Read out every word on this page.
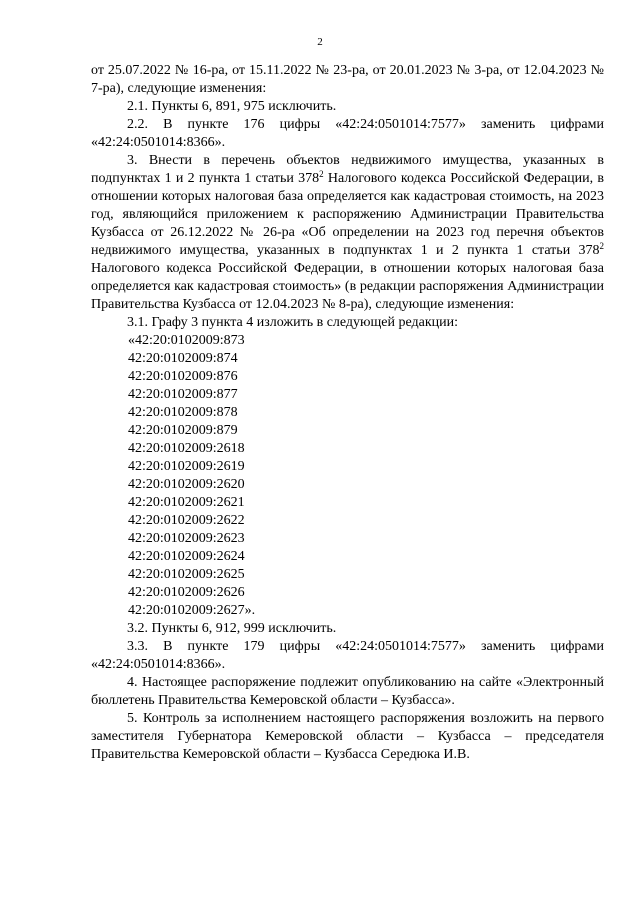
2

от 25.07.2022 № 16-ра, от 15.11.2022 № 23-ра, от 20.01.2023 № 3-ра, от 12.04.2023 № 7-ра), следующие изменения:

2.1. Пункты 6, 891, 975 исключить.

2.2. В пункте 176 цифры «42:24:0501014:7577» заменить цифрами «42:24:0501014:8366».

3. Внести в перечень объектов недвижимого имущества, указанных в подпунктах 1 и 2 пункта 1 статьи $378^2$ Налогового кодекса Российской Федерации, в отношении которых налоговая база определяется как кадастровая стоимость, на 2023 год, являющийся приложением к распоряжению Администрации Правительства Кузбасса от 26.12.2022 № 26-ра «Об определении на 2023 год перечня объектов недвижимого имущества, указанных в подпунктах 1 и 2 пункта 1 статьи $378^2$ Налогового кодекса Российской Федерации, в отношении которых налоговая база определяется как кадастровая стоимость» (в редакции распоряжения Администрации Правительства Кузбасса от 12.04.2023 № 8-ра), следующие изменения:

3.1. Графу 3 пункта 4 изложить в следующей редакции:

«42:20:0102009:873
42:20:0102009:874
42:20:0102009:876
42:20:0102009:877
42:20:0102009:878
42:20:0102009:879
42:20:0102009:2618
42:20:0102009:2619
42:20:0102009:2620
42:20:0102009:2621
42:20:0102009:2622
42:20:0102009:2623
42:20:0102009:2624
42:20:0102009:2625
42:20:0102009:2626
42:20:0102009:2627».

3.2. Пункты 6, 912, 999 исключить.

3.3. В пункте 179 цифры «42:24:0501014:7577» заменить цифрами «42:24:0501014:8366».

4. Настоящее распоряжение подлежит опубликованию на сайте «Электронный бюллетень Правительства Кемеровской области – Кузбасса».

5. Контроль за исполнением настоящего распоряжения возложить на первого заместителя Губернатора Кемеровской области – Кузбасса – председателя Правительства Кемеровской области – Кузбасса Середюка И.В.
